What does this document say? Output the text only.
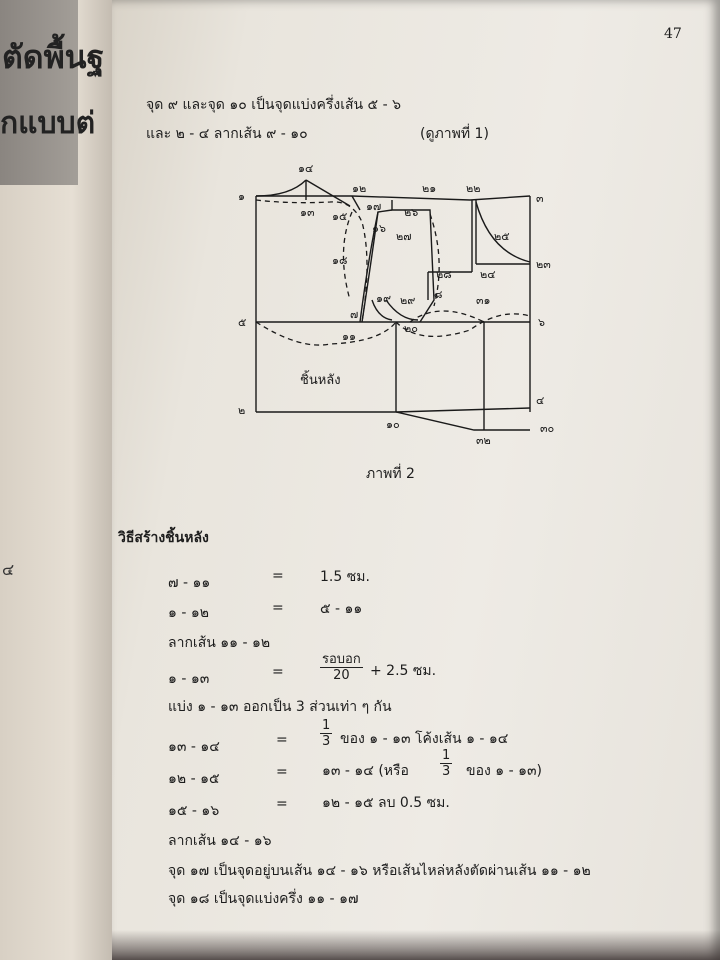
ตัดพื้นฐ
กแบบต่
๔
47
จุด ๙ และจุด ๑๐ เป็นจุดแบ่งครึ่งเส้น ๕ - ๖
และ ๒ - ๔ ลากเส้น ๙ - ๑๐	(ดูภาพที่ 1)
๑
๑๔
๑๒	๒๑	๒๒
๓
๑๓ ๑๕
๑๗
๑๖
๒๖
๒๗	๒๕
๒๓
๑๘
๒๘	๒๔
๑๙ ๒๙ ๘	๓๑
๕
๗
๒๐	๖
๑๑
๒
๔
๑๐	๓๐
๓๒
ชิ้นหลัง
ภาพที่ 2
วิธีสร้างชิ้นหลัง
๗ - ๑๑	=	1.5 ซม.
๑ - ๑๒	=	๕ - ๑๑
ลากเส้น ๑๑ - ๑๒
๑ - ๑๓	=
รอบอก
20	+ 2.5 ซม.
แบ่ง ๑ - ๑๓ ออกเป็น 3 ส่วนเท่า ๆ กัน
๑๓ - ๑๔	= $\frac{1}{3}$ ของ ๑ - ๑๓ โค้งเส้น ๑ - ๑๔
๑๒ - ๑๕	= ๑๓ - ๑๔ (หรือ $\frac{1}{3}$ ของ ๑ - ๑๓)
๑๕ - ๑๖	= ๑๒ - ๑๕ ลบ 0.5 ซม.
ลากเส้น ๑๔ - ๑๖
จุด ๑๗ เป็นจุดอยู่บนเส้น ๑๔ - ๑๖ หรือเส้นไหล่หลังตัดผ่านเส้น ๑๑ - ๑๒
จุด ๑๘ เป็นจุดแบ่งครึ่ง ๑๑ - ๑๗
